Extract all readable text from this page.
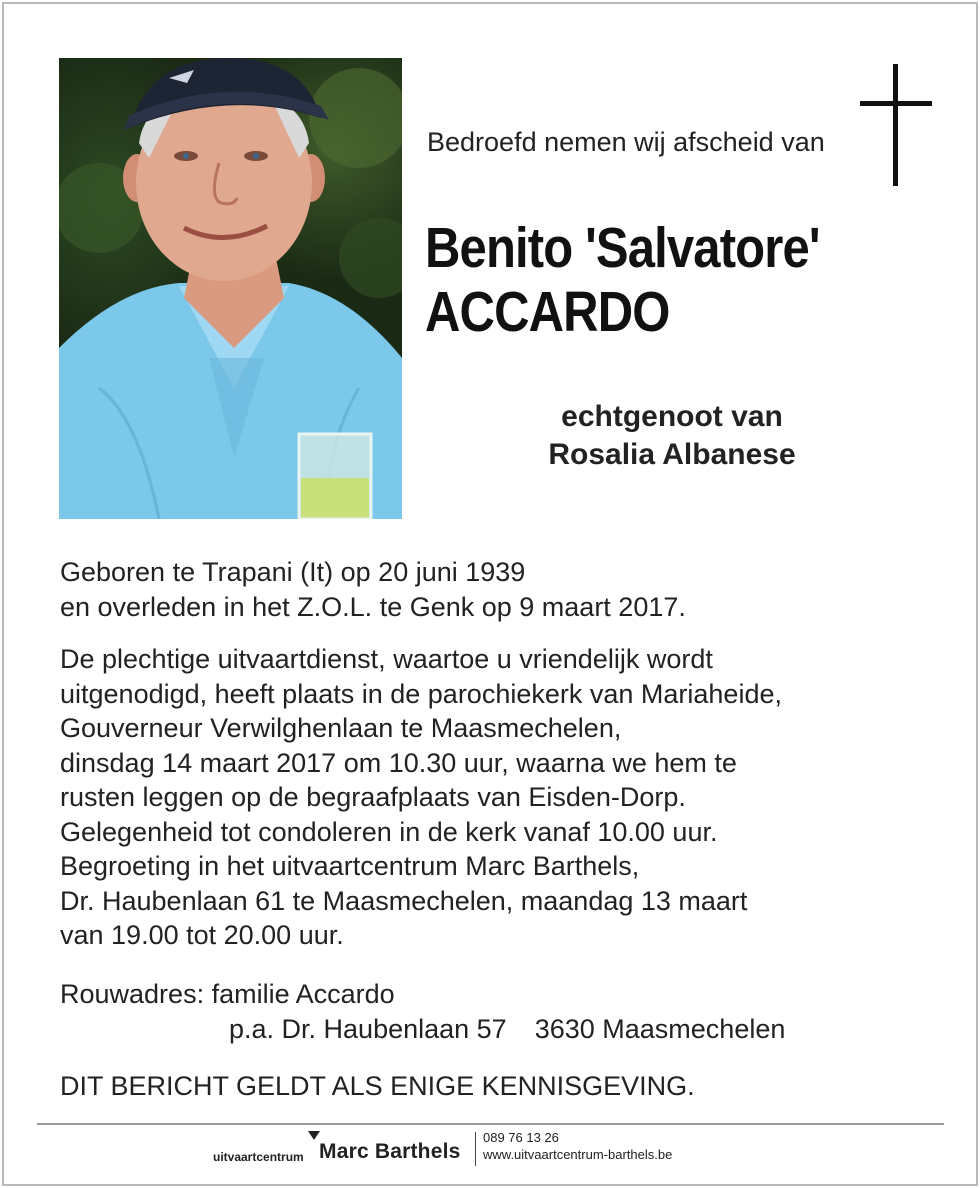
Bedroefd nemen wij afscheid van
Benito 'Salvatore'
ACCARDO
echtgenoot van
Rosalia Albanese
Geboren te Trapani (It) op 20 juni 1939
en overleden in het Z.O.L. te Genk op 9 maart 2017.
De plechtige uitvaartdienst, waartoe u vriendelijk wordt
uitgenodigd, heeft plaats in de parochiekerk van Mariaheide,
Gouverneur Verwilghenlaan te Maasmechelen,
dinsdag 14 maart 2017 om 10.30 uur, waarna we hem te
rusten leggen op de begraafplaats van Eisden-Dorp.
Gelegenheid tot condoleren in de kerk vanaf 10.00 uur.
Begroeting in het uitvaartcentrum Marc Barthels,
Dr. Haubenlaan 61 te Maasmechelen, maandag 13 maart
van 19.00 tot 20.00 uur.
Rouwadres: familie Accardo
p.a. Dr. Haubenlaan 57 3630 Maasmechelen
DIT BERICHT GELDT ALS ENIGE KENNISGEVING.
uitvaartcentrum Marc Barthels
089 76 13 26
www.uitvaartcentrum-barthels.be
